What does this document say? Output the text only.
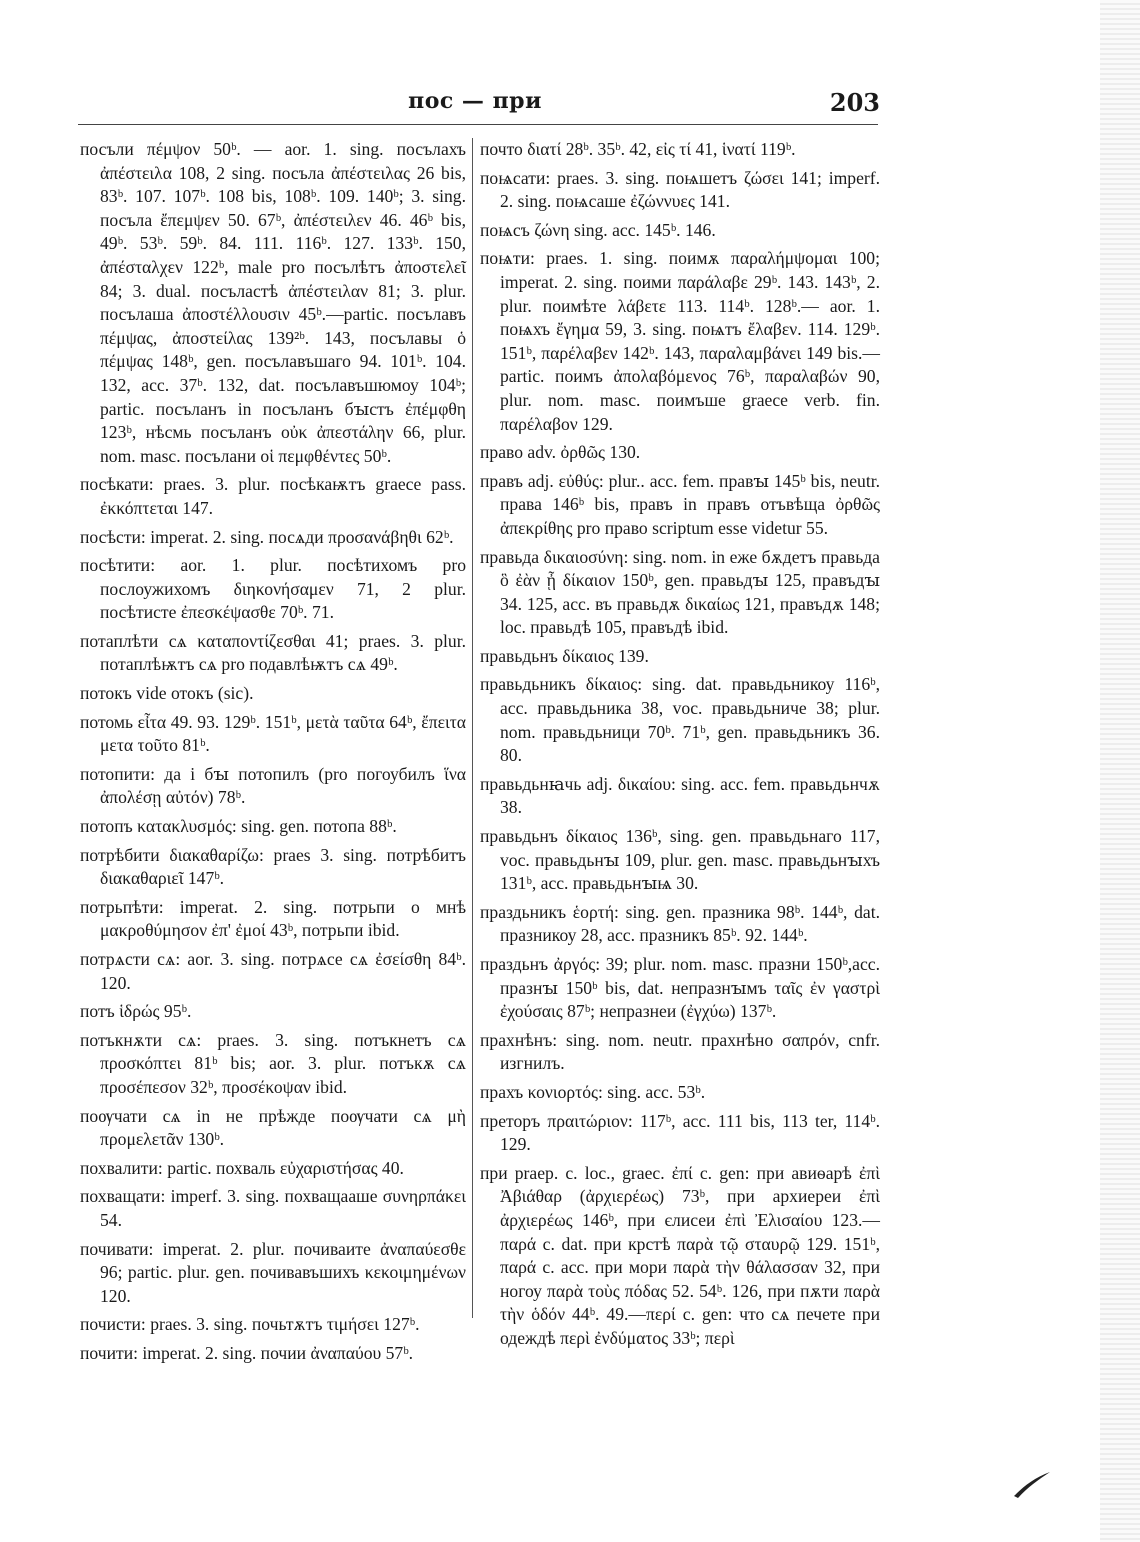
пос — при	203

посъли πέμψον 50ᵇ. — aor. 1. sing. посълахъ ἀπέστειλα 108, 2 sing. посъла ἀπέστειλας 26 bis, 83ᵇ. 107. 107ᵇ. 108 bis, 108ᵇ. 109. 140ᵇ; 3. sing. посъла ἔπεμψεν 50. 67ᵇ, ἀπέστειλεν 46. 46ᵇ bis, 49ᵇ. 53ᵇ. 59ᵇ. 84. 111. 116ᵇ. 127. 133ᵇ. 150, ἀπέσταλχεν 122ᵇ, male pro посълѣтъ ἀποστελεῖ 84; 3. dual. посъластѣ ἀπέστειλαν 81; 3. plur. посълаша ἀποστέλλουσιν 45ᵇ.—partic. посълавъ πέμψας, ἀποστείλας 139²ᵇ. 143, посълавы ὁ πέμψας 148ᵇ, gen. посълавъшаго 94. 101ᵇ. 104. 132, acc. 37ᵇ. 132, dat. посълавъшюмоу 104ᵇ; partic. посъланъ in посъланъ бꙑстъ ἐπέμφθη 123ᵇ, нѣсмь посъланъ οὐκ ἀπεστάλην 66, plur. nom. masc. посълани οἱ πεμφθέντες 50ᵇ.

посѣкати: praes. 3. plur. посѣкаѭтъ graece pass. ἐκκόπτεται 147.

посѣсти: imperat. 2. sing. посѧди προσανάβηθι 62ᵇ.

посѣтити: aor. 1. plur. посѣтихомъ pro послоужихомъ διηκονήσαμεν 71, 2 plur. посѣтисте ἐπεσκέψασθε 70ᵇ. 71.

потаплѣти сѧ καταποντίζεσθαι 41; praes. 3. plur. потаплѣѭтъ сѧ pro подавлѣѭтъ сѧ 49ᵇ.

потокъ vide отокъ (sic).

потомь εἶτα 49. 93. 129ᵇ. 151ᵇ, μετὰ ταῦτα 64ᵇ, ἔπειτα μετα τοῦτο 81ᵇ.

потопити: да і бꙑ потопилъ (pro погоубилъ ἵνα ἀπολέσῃ αὐτόν) 78ᵇ.

потопъ κατακλυσμός: sing. gen. потопа 88ᵇ.

потрѣбити διακαθαρίζω: praes 3. sing. потрѣбитъ διακαθαριεῖ 147ᵇ.

потрьпѣти: imperat. 2. sing. потрьпи о мнѣ μακροθύμησον ἐπ' ἐμοί 43ᵇ, потрьпи ibid.

потрѧсти сѧ: aor. 3. sing. потрѧсе сѧ ἐσείσθη 84ᵇ. 120.

потъ ἱδρώς 95ᵇ.

потъкнѫти сѧ: praes. 3. sing. потъкнетъ сѧ προσκόπτει 81ᵇ bis; aor. 3. plur. потъкѫ сѧ προσέπεσον 32ᵇ, προσέκοψαν ibid.

поѹчати сѧ in не прѣжде поѹчати сѧ μὴ προμελετᾶν 130ᵇ.

похвалити: partic. похваль εὐχαριστήσας 40.

похващати: imperf. 3. sing. похващааше συνηρπάκει 54.

почивати: imperat. 2. plur. почиваите ἀναπαύεσθε 96; partic. plur. gen. почивавъшихъ κεκοιμημένων 120.

почисти: praes. 3. sing. почьтѫтъ τιμήσει 127ᵇ.

почити: imperat. 2. sing. почии ἀναπαύου 57ᵇ.

почто διατί 28ᵇ. 35ᵇ. 42, εἰς τί 41, ἱνατί 119ᵇ.

поѩсати: praes. 3. sing. поѩшетъ ζώσει 141; imperf. 2. sing. поѩсаше ἐζώννυες 141.

поѩсъ ζώνη sing. acc. 145ᵇ. 146.

поѩти: praes. 1. sing. поимѫ παραλήμψομαι 100; imperat. 2. sing. поими παράλαβε 29ᵇ. 143. 143ᵇ, 2. plur. поимѣте λάβετε 113. 114ᵇ. 128ᵇ.— aor. 1. поѩхъ ἔγημα 59, 3. sing. поѩтъ ἔλαβεν. 114. 129ᵇ. 151ᵇ, παρέλαβεν 142ᵇ. 143, παραλαμβάνει 149 bis.—partic. поимъ ἀπολαβόμενος 76ᵇ, παραλαβών 90, plur. nom. masc. поимъше graece verb. fin. παρέλαβον 129.

право adv. ὀρθῶς 130.

правъ adj. εὐθύς: plur.. acc. fem. правꙑ 145ᵇ bis, neutr. права 146ᵇ bis, правъ in правъ отъвѣща ὀρθῶς ἀπεκρίθης pro право scriptum esse videtur 55.

правьда δικαιοσύνη: sing. nom. in еже бѫдетъ правьда ὃ ἐὰν ᾖ δίκαιον 150ᵇ, gen. правьдꙑ 125, правъдꙑ 34. 125, acc. въ правьдѫ δικαίως 121, правъдѫ 148; loc. правьдѣ 105, правъдѣ ibid.

правьдьнъ δίκαιος 139.

правьдьникъ δίκαιος: sing. dat. правьдьникоу 116ᵇ, acc. правьдьника 38, voc. правьдьниче 38; plur. nom. правьдьници 70ᵇ. 71ᵇ, gen. правьдьникъ 36. 80.

правьдьнꙗчь adj. δικαίου: sing. acc. fem. правьдьнчѫ 38.

правьдьнъ δίκαιος 136ᵇ, sing. gen. правьдьнаго 117, voc. правьдьнꙑ 109, plur. gen. masc. правьдьнꙑхъ 131ᵇ, acc. правьдьнꙑѩ 30.

праздьникъ ἑορτή: sing. gen. празника 98ᵇ. 144ᵇ, dat. празникоу 28, acc. празникъ 85ᵇ. 92. 144ᵇ.

праздьнъ ἀργός: 39; plur. nom. masc. празни 150ᵇ,acc. празнꙑ 150ᵇ bis, dat. непразнꙑмъ ταῖς ἐν γαστρὶ ἐχούσαις 87ᵇ; непразнеи (ἐγχύω) 137ᵇ.

прахнѣнъ: sing. nom. neutr. прахнѣно σαπρόν, cnfr. изгнилъ.

прахъ κονιορτός: sing. acc. 53ᵇ.

преторъ πραιτώριον: 117ᵇ, acc. 111 bis, 113 ter, 114ᵇ. 129.

при praep. c. loc., graec. ἐπί c. gen: при авиѳарѣ ἐπὶ Ἀβιάθαρ (ἀρχιερέως) 73ᵇ, при архиереи ἐπὶ ἀρχιερέως 146ᵇ, при єлисеи ἐπὶ Ἐλισαίου 123.—παρά c. dat. при крстѣ παρὰ τῷ σταυρῷ 129. 151ᵇ, παρά c. acc. при мори παρὰ τὴν θάλασσαν 32, при ногоу παρὰ τοὺς πόδας 52. 54ᵇ. 126, при пѫти παρὰ τὴν ὁδόν 44ᵇ. 49.—περί c. gen: что сѧ печете при одеждѣ περὶ ἐνδύματος 33ᵇ; περὶ
